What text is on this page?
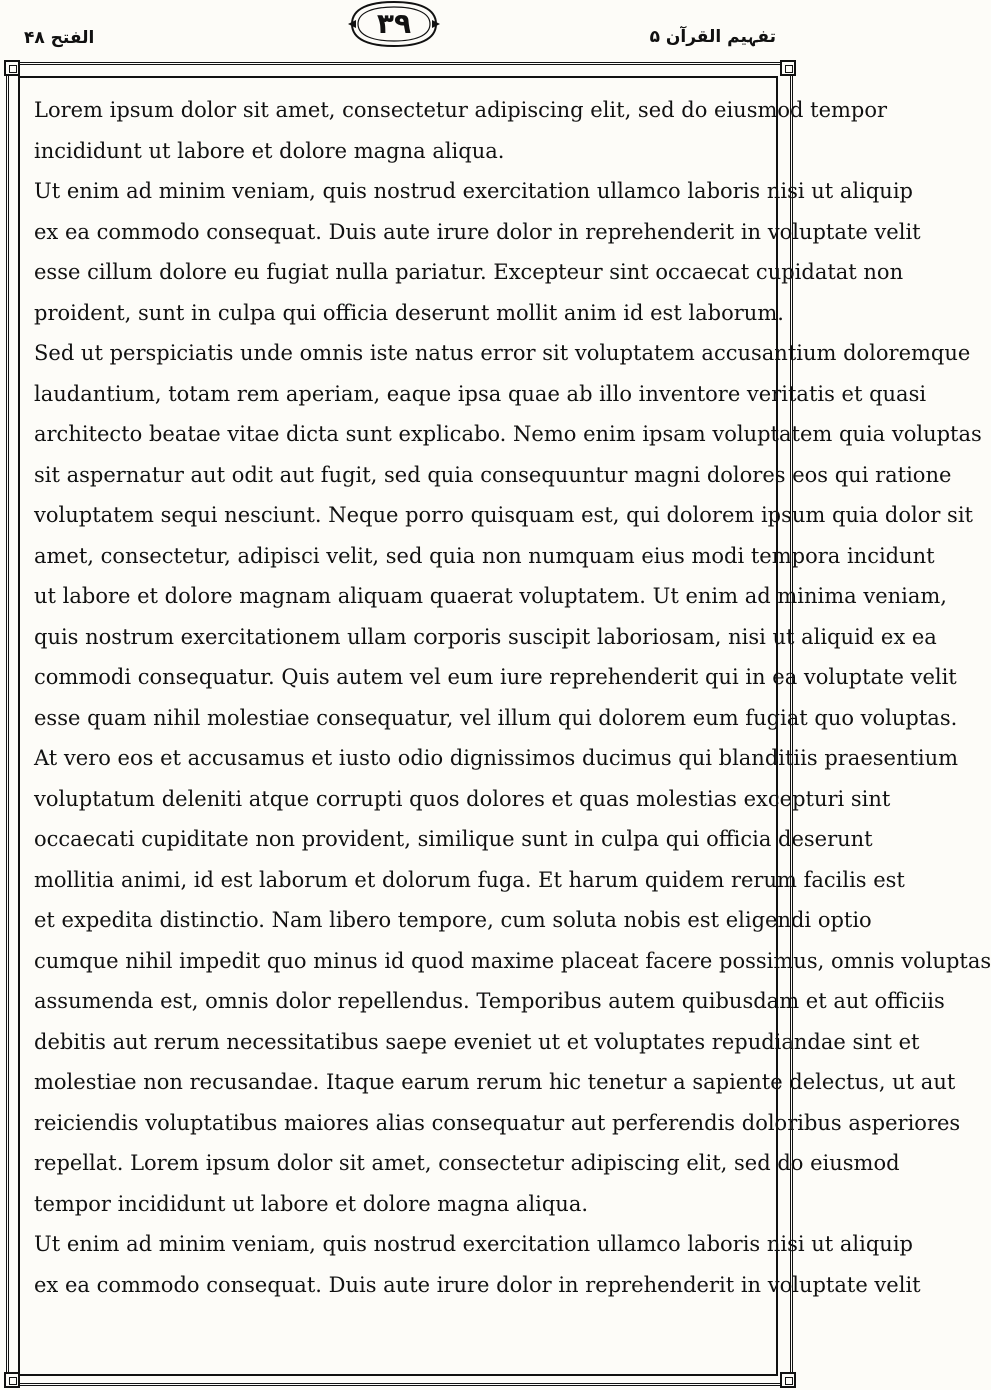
الفتح ۴۸	۳۹	تفہیم القرآن ۵
Lorem ipsum dolor sit amet, consectetur adipiscing elit, sed do eiusmod tempor
incididunt ut labore et dolore magna aliqua.
Ut enim ad minim veniam, quis nostrud exercitation ullamco laboris nisi ut aliquip
ex ea commodo consequat. Duis aute irure dolor in reprehenderit in voluptate velit
esse cillum dolore eu fugiat nulla pariatur. Excepteur sint occaecat cupidatat non
proident, sunt in culpa qui officia deserunt mollit anim id est laborum.
Sed ut perspiciatis unde omnis iste natus error sit voluptatem accusantium doloremque
laudantium, totam rem aperiam, eaque ipsa quae ab illo inventore veritatis et quasi
architecto beatae vitae dicta sunt explicabo. Nemo enim ipsam voluptatem quia voluptas
sit aspernatur aut odit aut fugit, sed quia consequuntur magni dolores eos qui ratione
voluptatem sequi nesciunt. Neque porro quisquam est, qui dolorem ipsum quia dolor sit
amet, consectetur, adipisci velit, sed quia non numquam eius modi tempora incidunt
ut labore et dolore magnam aliquam quaerat voluptatem. Ut enim ad minima veniam,
quis nostrum exercitationem ullam corporis suscipit laboriosam, nisi ut aliquid ex ea
commodi consequatur. Quis autem vel eum iure reprehenderit qui in ea voluptate velit
esse quam nihil molestiae consequatur, vel illum qui dolorem eum fugiat quo voluptas.
At vero eos et accusamus et iusto odio dignissimos ducimus qui blanditiis praesentium
voluptatum deleniti atque corrupti quos dolores et quas molestias excepturi sint
occaecati cupiditate non provident, similique sunt in culpa qui officia deserunt
mollitia animi, id est laborum et dolorum fuga. Et harum quidem rerum facilis est
et expedita distinctio. Nam libero tempore, cum soluta nobis est eligendi optio
cumque nihil impedit quo minus id quod maxime placeat facere possimus, omnis voluptas
assumenda est, omnis dolor repellendus. Temporibus autem quibusdam et aut officiis
debitis aut rerum necessitatibus saepe eveniet ut et voluptates repudiandae sint et
molestiae non recusandae. Itaque earum rerum hic tenetur a sapiente delectus, ut aut
reiciendis voluptatibus maiores alias consequatur aut perferendis doloribus asperiores
repellat. Lorem ipsum dolor sit amet, consectetur adipiscing elit, sed do eiusmod
tempor incididunt ut labore et dolore magna aliqua.
Ut enim ad minim veniam, quis nostrud exercitation ullamco laboris nisi ut aliquip
ex ea commodo consequat. Duis aute irure dolor in reprehenderit in voluptate velit
